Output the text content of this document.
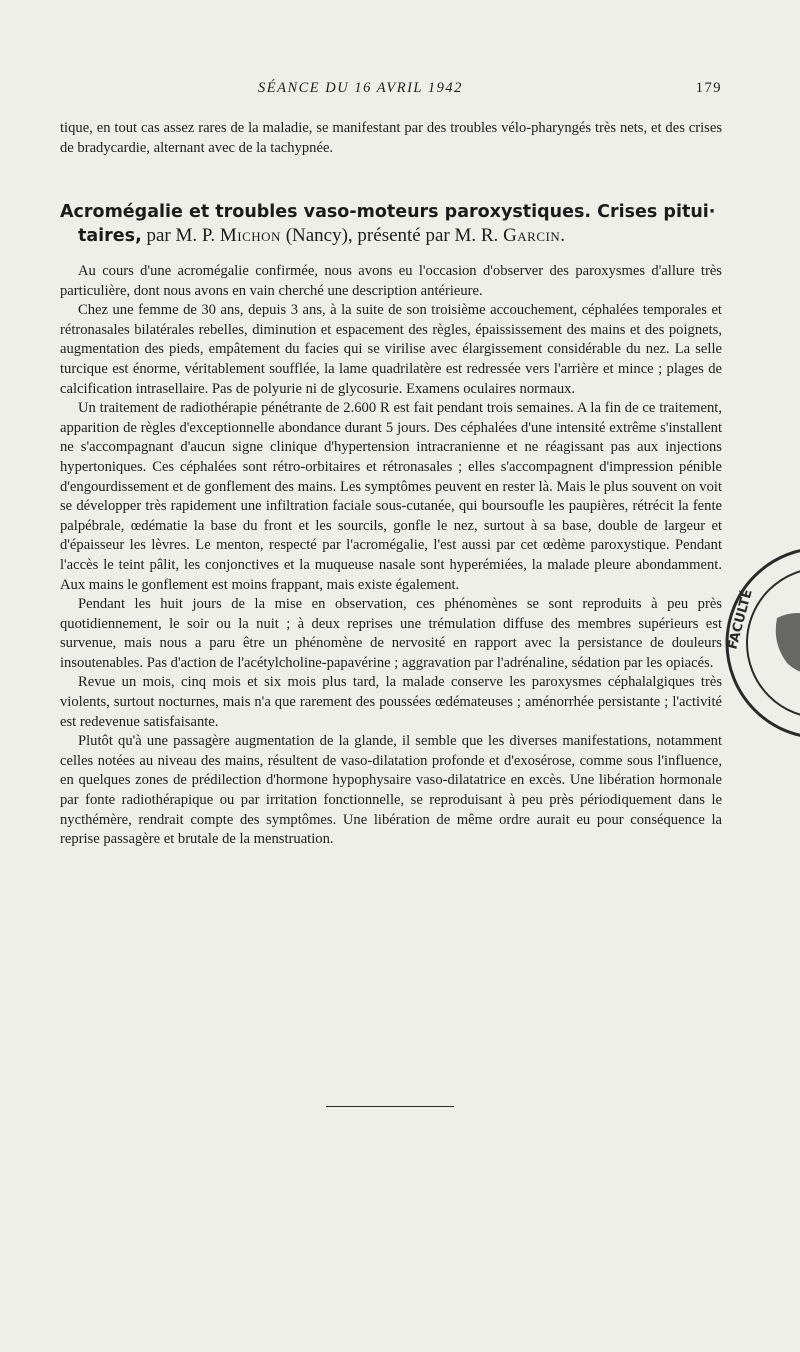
SÉANCE DU 16 AVRIL 1942	179
tique, en tout cas assez rares de la maladie, se manifestant par des troubles vélo-pharyngés très nets, et des crises de bradycardie, alternant avec de la tachypnée.
Acromégalie et troubles vaso-moteurs paroxystiques. Crises pitui·
taires, par M. P. Michon (Nancy), présenté par M. R. Garcin.

Au cours d'une acromégalie confirmée, nous avons eu l'occasion d'observer des paroxysmes d'allure très particulière, dont nous avons en vain cherché une description antérieure.

Chez une femme de 30 ans, depuis 3 ans, à la suite de son troisième accouchement, céphalées temporales et rétronasales bilatérales rebelles, diminution et espacement des règles, épaississement des mains et des poignets, augmentation des pieds, empâtement du facies qui se virilise avec élargissement considérable du nez. La selle turcique est énorme, véritablement soufflée, la lame quadrilatère est redressée vers l'arrière et mince ; plages de calcification intrasellaire. Pas de polyurie ni de glycosurie. Examens oculaires normaux.

Un traitement de radiothérapie pénétrante de 2.600 R est fait pendant trois semaines. A la fin de ce traitement, apparition de règles d'exceptionnelle abondance durant 5 jours. Des céphalées d'une intensité extrême s'installent ne s'accompagnant d'aucun signe clinique d'hypertension intracranienne et ne réagissant pas aux injections hypertoniques. Ces céphalées sont rétro-orbitaires et rétronasales ; elles s'accompagnent d'impression pénible d'engourdissement et de gonflement des mains. Les symptômes peuvent en rester là. Mais le plus souvent on voit se développer très rapidement une infiltration faciale sous-cutanée, qui boursoufle les paupières, rétrécit la fente palpébrale, œdématie la base du front et les sourcils, gonfle le nez, surtout à sa base, double de largeur et d'épaisseur les lèvres. Le menton, respecté par l'acromégalie, l'est aussi par cet œdème paroxystique. Pendant l'accès le teint pâlit, les conjonctives et la muqueuse nasale sont hyperémiées, la malade pleure abondamment. Aux mains le gonflement est moins frappant, mais existe également.

Pendant les huit jours de la mise en observation, ces phénomènes se sont reproduits à peu près quotidiennement, le soir ou la nuit ; à deux reprises une trémulation diffuse des membres supérieurs est survenue, mais nous a paru être un phénomène de nervosité en rapport avec la persistance de douleurs insoutenables. Pas d'action de l'acétylcholine-papavérine ; aggravation par l'adrénaline, sédation par les opiacés.

Revue un mois, cinq mois et six mois plus tard, la malade conserve les paroxysmes céphalalgiques très violents, surtout nocturnes, mais n'a que rarement des poussées œdémateuses ; aménorrhée persistante ; l'activité est redevenue satisfaisante.

Plutôt qu'à une passagère augmentation de la glande, il semble que les diverses manifestations, notamment celles notées au niveau des mains, résultent de vaso-dilatation profonde et d'exosérose, comme sous l'influence, en quelques zones de prédilection d'hormone hypophysaire vaso-dilatatrice en excès. Une libération hormonale par fonte radiothérapique ou par irritation fonctionnelle, se reproduisant à peu près périodiquement dans le nycthémère, rendrait compte des symptômes. Une libération de même ordre aurait eu pour conséquence la reprise passagère et brutale de la menstruation.

FACULTÉ
